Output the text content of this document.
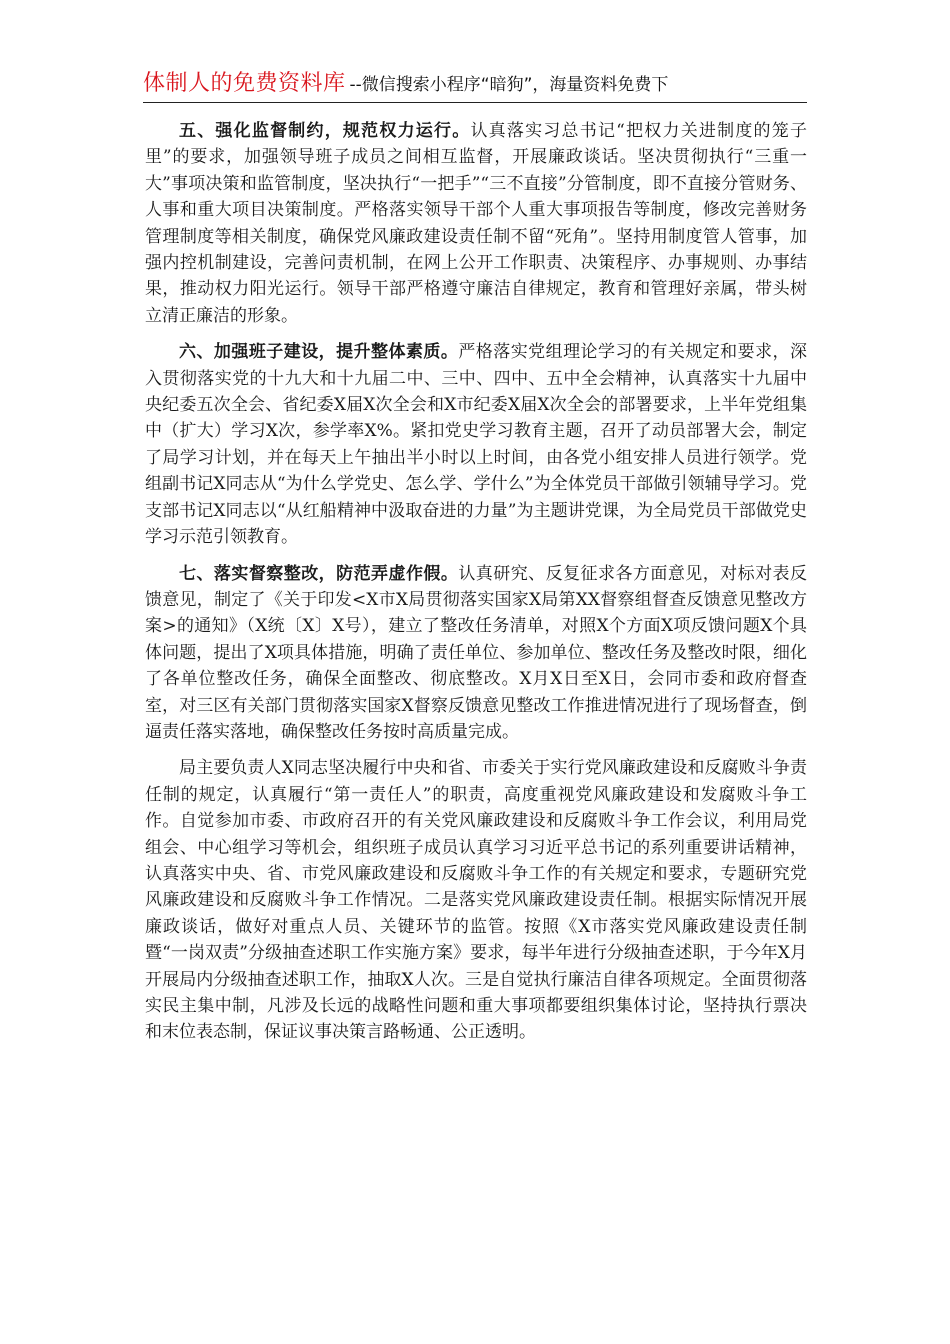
体制人的免费资料库 --微信搜索小程序“暗狗”，海量资料免费下

五、强化监督制约，规范权力运行。认真落实习总书记“把权力关进制度的笼子里”的要求，加强领导班子成员之间相互监督，开展廉政谈话。坚决贯彻执行“三重一大”事项决策和监管制度，坚决执行“一把手”“三不直接”分管制度，即不直接分管财务、人事和重大项目决策制度。严格落实领导干部个人重大事项报告等制度，修改完善财务管理制度等相关制度，确保党风廉政建设责任制不留“死角”。坚持用制度管人管事，加强内控机制建设，完善问责机制，在网上公开工作职责、决策程序、办事规则、办事结果，推动权力阳光运行。领导干部严格遵守廉洁自律规定，教育和管理好亲属，带头树立清正廉洁的形象。

六、加强班子建设，提升整体素质。严格落实党组理论学习的有关规定和要求，深入贯彻落实党的十九大和十九届二中、三中、四中、五中全会精神，认真落实十九届中央纪委五次全会、省纪委X届X次全会和X市纪委X届X次全会的部署要求，上半年党组集中（扩大）学习X次，参学率X%。紧扣党史学习教育主题，召开了动员部署大会，制定了局学习计划，并在每天上午抽出半小时以上时间，由各党小组安排人员进行领学。党组副书记X同志从“为什么学党史、怎么学、学什么”为全体党员干部做引领辅导学习。党支部书记X同志以“从红船精神中汲取奋进的力量”为主题讲党课，为全局党员干部做党史学习示范引领教育。

七、落实督察整改，防范弄虚作假。认真研究、反复征求各方面意见，对标对表反馈意见，制定了《关于印发<X市X局贯彻落实国家X局第XX督察组督查反馈意见整改方案>的通知》（X统〔X〕X号），建立了整改任务清单，对照X个方面X项反馈问题X个具体问题，提出了X项具体措施，明确了责任单位、参加单位、整改任务及整改时限，细化了各单位整改任务，确保全面整改、彻底整改。X月X日至X日，会同市委和政府督查室，对三区有关部门贯彻落实国家X督察反馈意见整改工作推进情况进行了现场督查，倒逼责任落实落地，确保整改任务按时高质量完成。

局主要负责人X同志坚决履行中央和省、市委关于实行党风廉政建设和反腐败斗争责任制的规定，认真履行“第一责任人”的职责，高度重视党风廉政建设和发腐败斗争工作。自觉参加市委、市政府召开的有关党风廉政建设和反腐败斗争工作会议，利用局党组会、中心组学习等机会，组织班子成员认真学习习近平总书记的系列重要讲话精神，认真落实中央、省、市党风廉政建设和反腐败斗争工作的有关规定和要求，专题研究党风廉政建设和反腐败斗争工作情况。二是落实党风廉政建设责任制。根据实际情况开展廉政谈话，做好对重点人员、关键环节的监管。按照《X市落实党风廉政建设责任制暨“一岗双责”分级抽查述职工作实施方案》要求，每半年进行分级抽查述职，于今年X月开展局内分级抽查述职工作，抽取X人次。三是自觉执行廉洁自律各项规定。全面贯彻落实民主集中制，凡涉及长远的战略性问题和重大事项都要组织集体讨论，坚持执行票决和末位表态制，保证议事决策言路畅通、公正透明。
